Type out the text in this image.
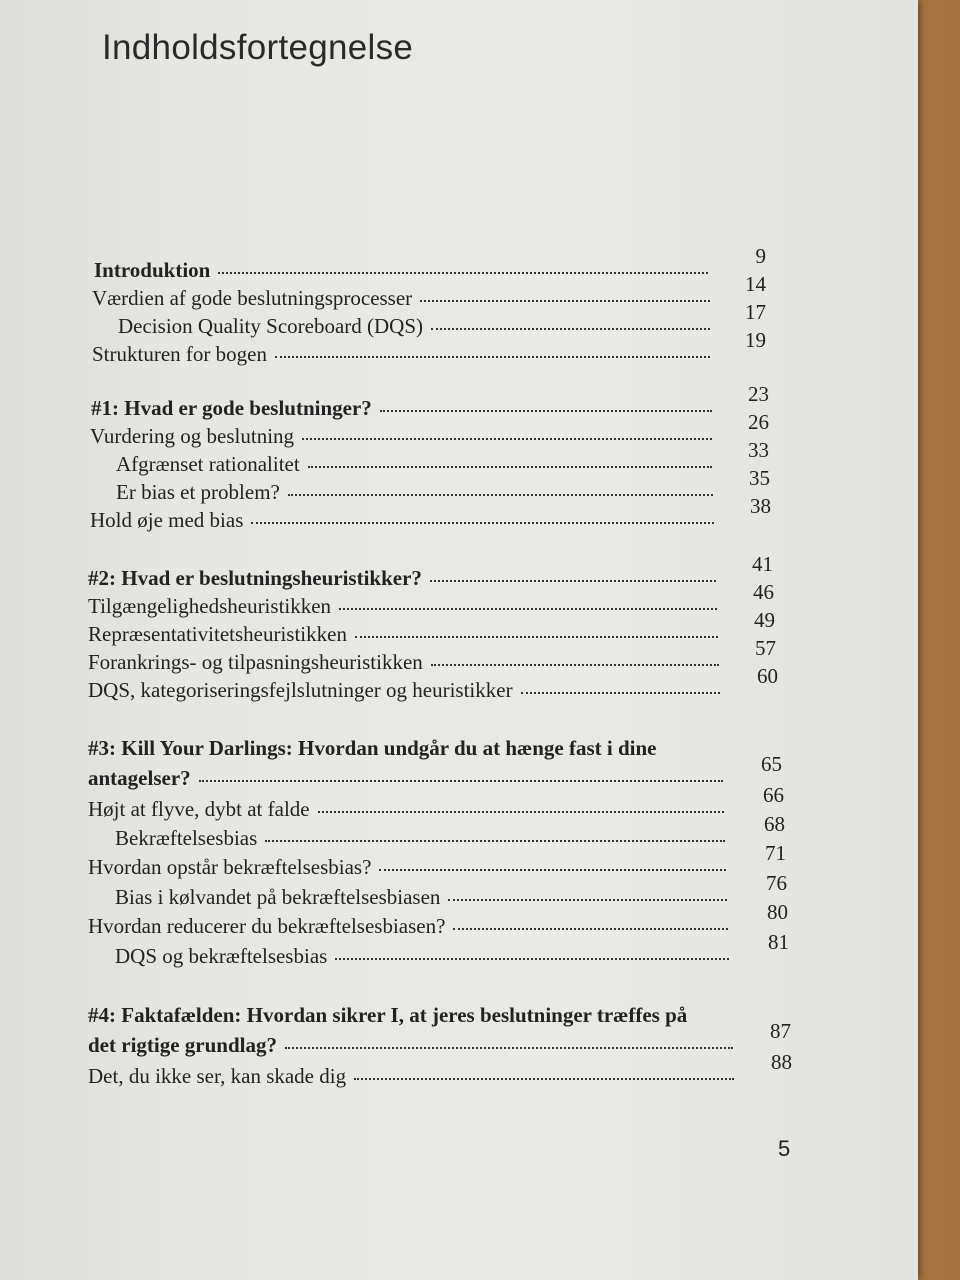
Indholdsfortegnelse
Introduktion
9
Værdien af gode beslutningsprocesser
14
Decision Quality Scoreboard (DQS)
17
Strukturen for bogen
19
#1: Hvad er gode beslutninger?
23
Vurdering og beslutning
26
Afgrænset rationalitet
33
Er bias et problem?
35
Hold øje med bias
38
#2: Hvad er beslutningsheuristikker?
41
Tilgængelighedsheuristikken
46
Repræsentativitetsheuristikken
49
Forankrings- og tilpasningsheuristikken
57
DQS, kategoriseringsfejlslutninger og heuristikker
60
#3: Kill Your Darlings: Hvordan undgår du at hænge fast i dine
antagelser?
65
Højt at flyve, dybt at falde
66
Bekræftelsesbias
68
Hvordan opstår bekræftelsesbias?
71
Bias i kølvandet på bekræftelsesbiasen
76
Hvordan reducerer du bekræftelsesbiasen?
80
DQS og bekræftelsesbias
81
#4: Faktafælden: Hvordan sikrer I, at jeres beslutninger træffes på
det rigtige grundlag?
87
Det, du ikke ser, kan skade dig
88
5
